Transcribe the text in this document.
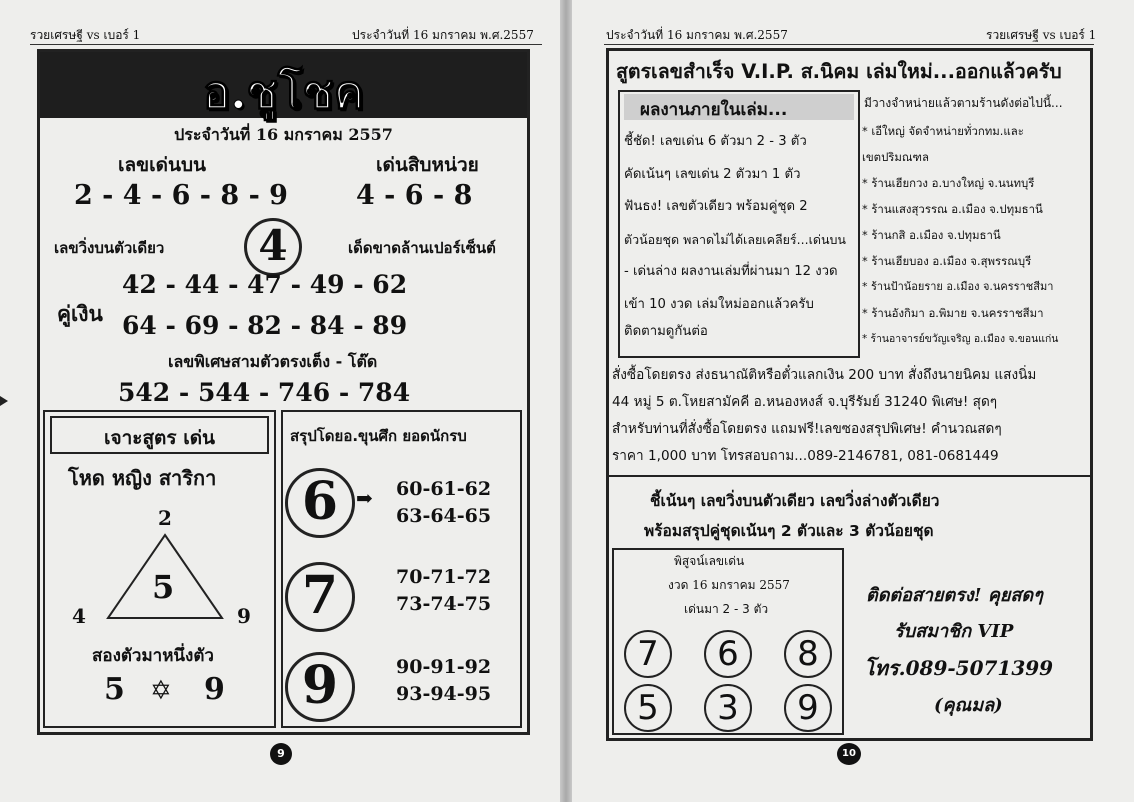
รวยเศรษฐี vs เบอร์ 1	ประจำวันที่ 16 มกราคม พ.ศ.2557
อ.ชูโชค
ประจำวันที่ 16 มกราคม 2557
เลขเด่นบน	เด่นสิบหน่วย
2 - 4 - 6 - 8 - 9	4 - 6 - 8
เลขวิ่งบนตัวเดียว	4	เด็ดขาดล้านเปอร์เซ็นต์
42 - 44 - 47 - 49 - 62
คู่เงิน 64 - 69 - 82 - 84 - 89
เลขพิเศษสามตัวตรงเต็ง - โต๊ด
542 - 544 - 746 - 784
เจาะสูตร เด่น
โหด หญิง สาริกา
2
5
4	9
สองตัวมาหนึ่งตัว
5 ✡ 9
สรุปโดยอ.ขุนศึก ยอดนักรบ
6 ➡ 60-61-62
63-64-65
7	70-71-72
73-74-75
9	90-91-92
93-94-95
9
ประจำวันที่ 16 มกราคม พ.ศ.2557	รวยเศรษฐี vs เบอร์ 1
สูตรเลขสำเร็จ V.I.P. ส.นิคม เล่มใหม่...ออกแล้วครับ
ผลงานภายในเล่ม...
ชี้ชัด! เลขเด่น 6 ตัวมา 2 - 3 ตัว
คัดเน้นๆ เลขเด่น 2 ตัวมา 1 ตัว
ฟันธง! เลขตัวเดียว พร้อมคู่ชุด 2
ตัวน้อยชุด พลาดไม่ได้เลยเคลียร์...เด่นบน
- เด่นล่าง ผลงานเล่มที่ผ่านมา 12 งวด
เข้า 10 งวด เล่มใหม่ออกแล้วครับ
ติดตามดูกันต่อ
มีวางจำหน่ายแล้วตามร้านดังต่อไปนี้...
* เอีใหญ่ จัดจำหน่ายทั่วกทม.และ
เขตปริมณฑล
* ร้านเฮียกวง อ.บางใหญ่ จ.นนทบุรี
* ร้านแสงสุวรรณ อ.เมือง จ.ปทุมธานี
* ร้านกสิ อ.เมือง จ.ปทุมธานี
* ร้านเฮียบอง อ.เมือง จ.สุพรรณบุรี
* ร้านป้าน้อยราย อ.เมือง จ.นครราชสีมา
* ร้านอังกิมา อ.พิมาย จ.นครราชสีมา
* ร้านอาจารย์ขวัญเจริญ อ.เมือง จ.ขอนแก่น
สั่งซื้อโดยตรง ส่งธนาณัติหรือตั๋วแลกเงิน 200 บาท สั่งถึงนายนิคม แสงนิ่ม
44 หมู่ 5 ต.โหยสามัคคี อ.หนองหงส์ จ.บุรีรัมย์ 31240 พิเศษ! สุดๆ
สำหรับท่านที่สั่งซื้อโดยตรง แถมฟรี!เลขซองสรุปพิเศษ! คำนวณสดๆ
ราคา 1,000 บาท โทรสอบถาม...089-2146781, 081-0681449
ชี้เน้นๆ เลขวิ่งบนตัวเดียว เลขวิ่งล่างตัวเดียว
พร้อมสรุปคู่ชุดเน้นๆ 2 ตัวและ 3 ตัวน้อยชุด
พิสูจน์เลขเด่น
งวด 16 มกราคม 2557
เด่นมา 2 - 3 ตัว
7	6	8
5	3	9
ติดต่อสายตรง! คุยสดๆ
รับสมาชิก VIP
โทร.089-5071399
(คุณมล)
10
